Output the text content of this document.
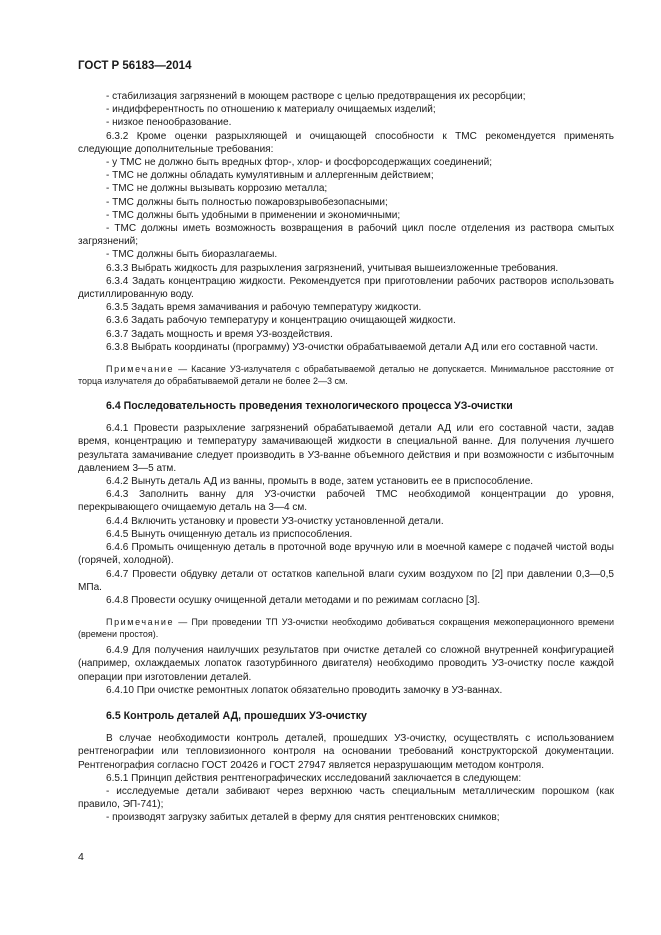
ГОСТ Р 56183—2014

- стабилизация загрязнений в моющем растворе с целью предотвращения их ресорбции;

- индифферентность по отношению к материалу очищаемых изделий;

- низкое пенообразование.

6.3.2 Кроме оценки разрыхляющей и очищающей способности к ТМС рекомендуется применять следующие дополнительные требования:

- у ТМС не должно быть вредных фтор-, хлор- и фосфорсодержащих соединений;

- ТМС не должны обладать кумулятивным и аллергенным действием;

- ТМС не должны вызывать коррозию металла;

- ТМС должны быть полностью пожаровзрывобезопасными;

- ТМС должны быть удобными в применении и экономичными;

- ТМС должны иметь возможность возвращения в рабочий цикл после отделения из раствора смытых загрязнений;

- ТМС должны быть биоразлагаемы.

6.3.3 Выбрать жидкость для разрыхления загрязнений, учитывая вышеизложенные требования.

6.3.4 Задать концентрацию жидкости. Рекомендуется при приготовлении рабочих растворов использовать дистиллированную воду.

6.3.5 Задать время замачивания и рабочую температуру жидкости.

6.3.6 Задать рабочую температуру и концентрацию очищающей жидкости.

6.3.7 Задать мощность и время УЗ-воздействия.

6.3.8 Выбрать координаты (программу) УЗ-очистки обрабатываемой детали АД или его составной части.

Примечание — Касание УЗ-излучателя с обрабатываемой деталью не допускается. Минимальное расстояние от торца излучателя до обрабатываемой детали не более 2—3 см.

6.4 Последовательность проведения технологического процесса УЗ-очистки

6.4.1 Провести разрыхление загрязнений обрабатываемой детали АД или его составной части, задав время, концентрацию и температуру замачивающей жидкости в специальной ванне. Для получения лучшего результата замачивание следует производить в УЗ-ванне объемного действия и при возможности с избыточным давлением 3—5 атм.

6.4.2 Вынуть деталь АД из ванны, промыть в воде, затем установить ее в приспособление.

6.4.3 Заполнить ванну для УЗ-очистки рабочей ТМС необходимой концентрации до уровня, перекрывающего очищаемую деталь на 3—4 см.

6.4.4 Включить установку и провести УЗ-очистку установленной детали.

6.4.5 Вынуть очищенную деталь из приспособления.

6.4.6 Промыть очищенную деталь в проточной воде вручную или в моечной камере с подачей чистой воды (горячей, холодной).

6.4.7 Провести обдувку детали от остатков капельной влаги сухим воздухом по [2] при давлении 0,3—0,5 МПа.

6.4.8 Провести осушку очищенной детали методами и по режимам согласно [3].

Примечание — При проведении ТП УЗ-очистки необходимо добиваться сокращения межоперационного времени (времени простоя).

6.4.9 Для получения наилучших результатов при очистке деталей со сложной внутренней конфигурацией (например, охлаждаемых лопаток газотурбинного двигателя) необходимо проводить УЗ-очистку после каждой операции при изготовлении деталей.

6.4.10 При очистке ремонтных лопаток обязательно проводить замочку в УЗ-ваннах.

6.5 Контроль деталей АД, прошедших УЗ-очистку

В случае необходимости контроль деталей, прошедших УЗ-очистку, осуществлять с использованием рентгенографии или тепловизионного контроля на основании требований конструкторской документации. Рентгенография согласно ГОСТ 20426 и ГОСТ 27947 является неразрушающим методом контроля.

6.5.1 Принцип действия рентгенографических исследований заключается в следующем:

- исследуемые детали забивают через верхнюю часть специальным металлическим порошком (как правило, ЭП-741);

- производят загрузку забитых деталей в ферму для снятия рентгеновских снимков;

4
